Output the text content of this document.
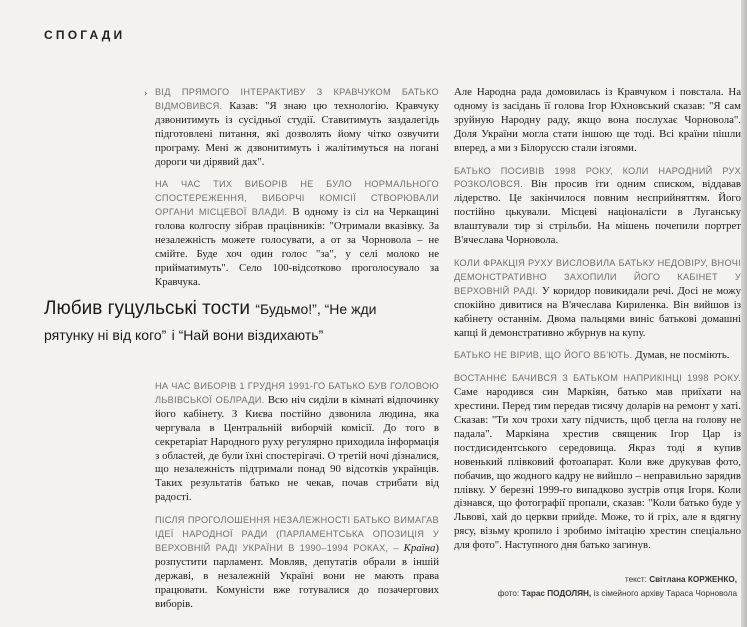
СПОГАДИ
› ВІД ПРЯМОГО ІНТЕРАКТИВУ З КРАВЧУКОМ БАТЬКО ВІДМОВИВСЯ. Казав: "Я знаю цю технологію. Кравчуку дзвонитимуть із сусідньої студії. Ставитимуть заздалегідь підготовлені питання, які дозволять йому чітко озвучити програму. Мені ж дзвонитимуть і жалітимуться на погані дороги чи дірявий дах".

НА ЧАС ТИХ ВИБОРІВ НЕ БУЛО НОРМАЛЬНОГО СПОСТЕРЕЖЕННЯ, ВИБОРЧІ КОМІСІЇ СТВОРЮВАЛИ ОРГАНИ МІСЦЕВОЇ ВЛАДИ. В одному із сіл на Черкащині голова колгоспу зібрав працівників: "Отримали вказівку. За незалежність можете голосувати, а от за Чорновола – не смійте. Буде хоч один голос "за", у селі молоко не прийматимуть". Село 100-відсотково проголосувало за Кравчука.

Любив гуцульські тости “Будьмо!”, “Не жди
рятунку ні від кого” і “Най вони віздихають”

НА ЧАС ВИБОРІВ 1 ГРУДНЯ 1991-ГО БАТЬКО БУВ ГОЛОВОЮ ЛЬВІВСЬКОЇ ОБЛРАДИ. Всю ніч сиділи в кімнаті відпочинку його кабінету. З Києва постійно дзвонила людина, яка чергувала в Центральній виборчій комісії. До того в секретаріат Народного руху регулярно приходила інформація з областей, де були їхні спостерігачі. О третій ночі дізналися, що незалежність підтримали понад 90 відсотків українців. Таких результатів батько не чекав, почав стрибати від радості.

ПІСЛЯ ПРОГОЛОШЕННЯ НЕЗАЛЕЖНОСТІ БАТЬКО ВИМАГАВ ІДЕЇ НАРОДНОЇ РАДИ (ПАРЛАМЕНТСЬКА ОПОЗИЦІЯ У ВЕРХОВНІЙ РАДІ УКРАЇНИ В 1990–1994 РОКАХ, – Країна) розпустити парламент. Мовляв, депутатів обрали в іншій державі, в незалежній Україні вони не мають права працювати. Комуністи вже готувалися до позачергових виборів.

Але Народна рада домовилась із Кравчуком і повстала. На одному із засідань її голова Ігор Юхновський сказав: "Я сам зруйную Народну раду, якщо вона послухає Чорновола". Доля України могла стати іншою ще тоді. Всі країни пішли вперед, а ми з Білорусcю стали ізгоями.

БАТЬКО ПОСИВІВ 1998 РОКУ, КОЛИ НАРОДНИЙ РУХ РОЗКОЛОВСЯ. Він просив іти одним списком, віддавав лідерство. Це закінчилося повним несприйняттям. Його постійно цькували. Місцеві націоналісти в Луганську влаштували тир зі стрільби. На мішень почепили портрет В'ячеслава Чорновола.

КОЛИ ФРАКЦІЯ РУХУ ВИСЛОВИЛА БАТЬКУ НЕДОВІРУ, ВНОЧІ ДЕМОНСТРАТИВНО ЗАХОПИЛИ ЙОГО КАБІНЕТ У ВЕРХОВНІЙ РАДІ. У коридор повикидали речі. Досі не можу спокійно дивитися на В'ячеслава Кириленка. Він вийшов із кабінету останнім. Двома пальцями виніс батькові домашні капці й демонстративно жбурнув на купу.

БАТЬКО НЕ ВІРИВ, ЩО ЙОГО ВБ'ЮТЬ. Думав, не посміють.

ВОСТАННЄ БАЧИВСЯ З БАТЬКОМ НАПРИКІНЦІ 1998 РОКУ. Саме народився син Маркіян, батько мав приїхати на хрестини. Перед тим передав тисячу доларів на ремонт у хаті. Сказав: "Ти хоч трохи хату підчисть, щоб цегла на голову не падала". Маркіяна хрестив священик Ігор Цар із постдисидентського середовища. Якраз тоді я купив новенький плівковий фотоапарат. Коли вже друкував фото, побачив, що жодного кадру не вийшло – неправильно зарядив плівку. У березні 1999-го випадково зустрів отця Ігоря. Коли дізнався, що фотографії пропали, сказав: "Коли батько буде у Львові, хай до церкви прийде. Може, то й гріх, але я вдягну рясу, візьму кропило і зробимо імітацію хрестин спеціально для фото". Наступного дня батько загинув.

текст: Світлана КОРЖЕНКО,
фото: Тарас ПОДОЛЯН, із сімейного архіву Тараса Чорновола
